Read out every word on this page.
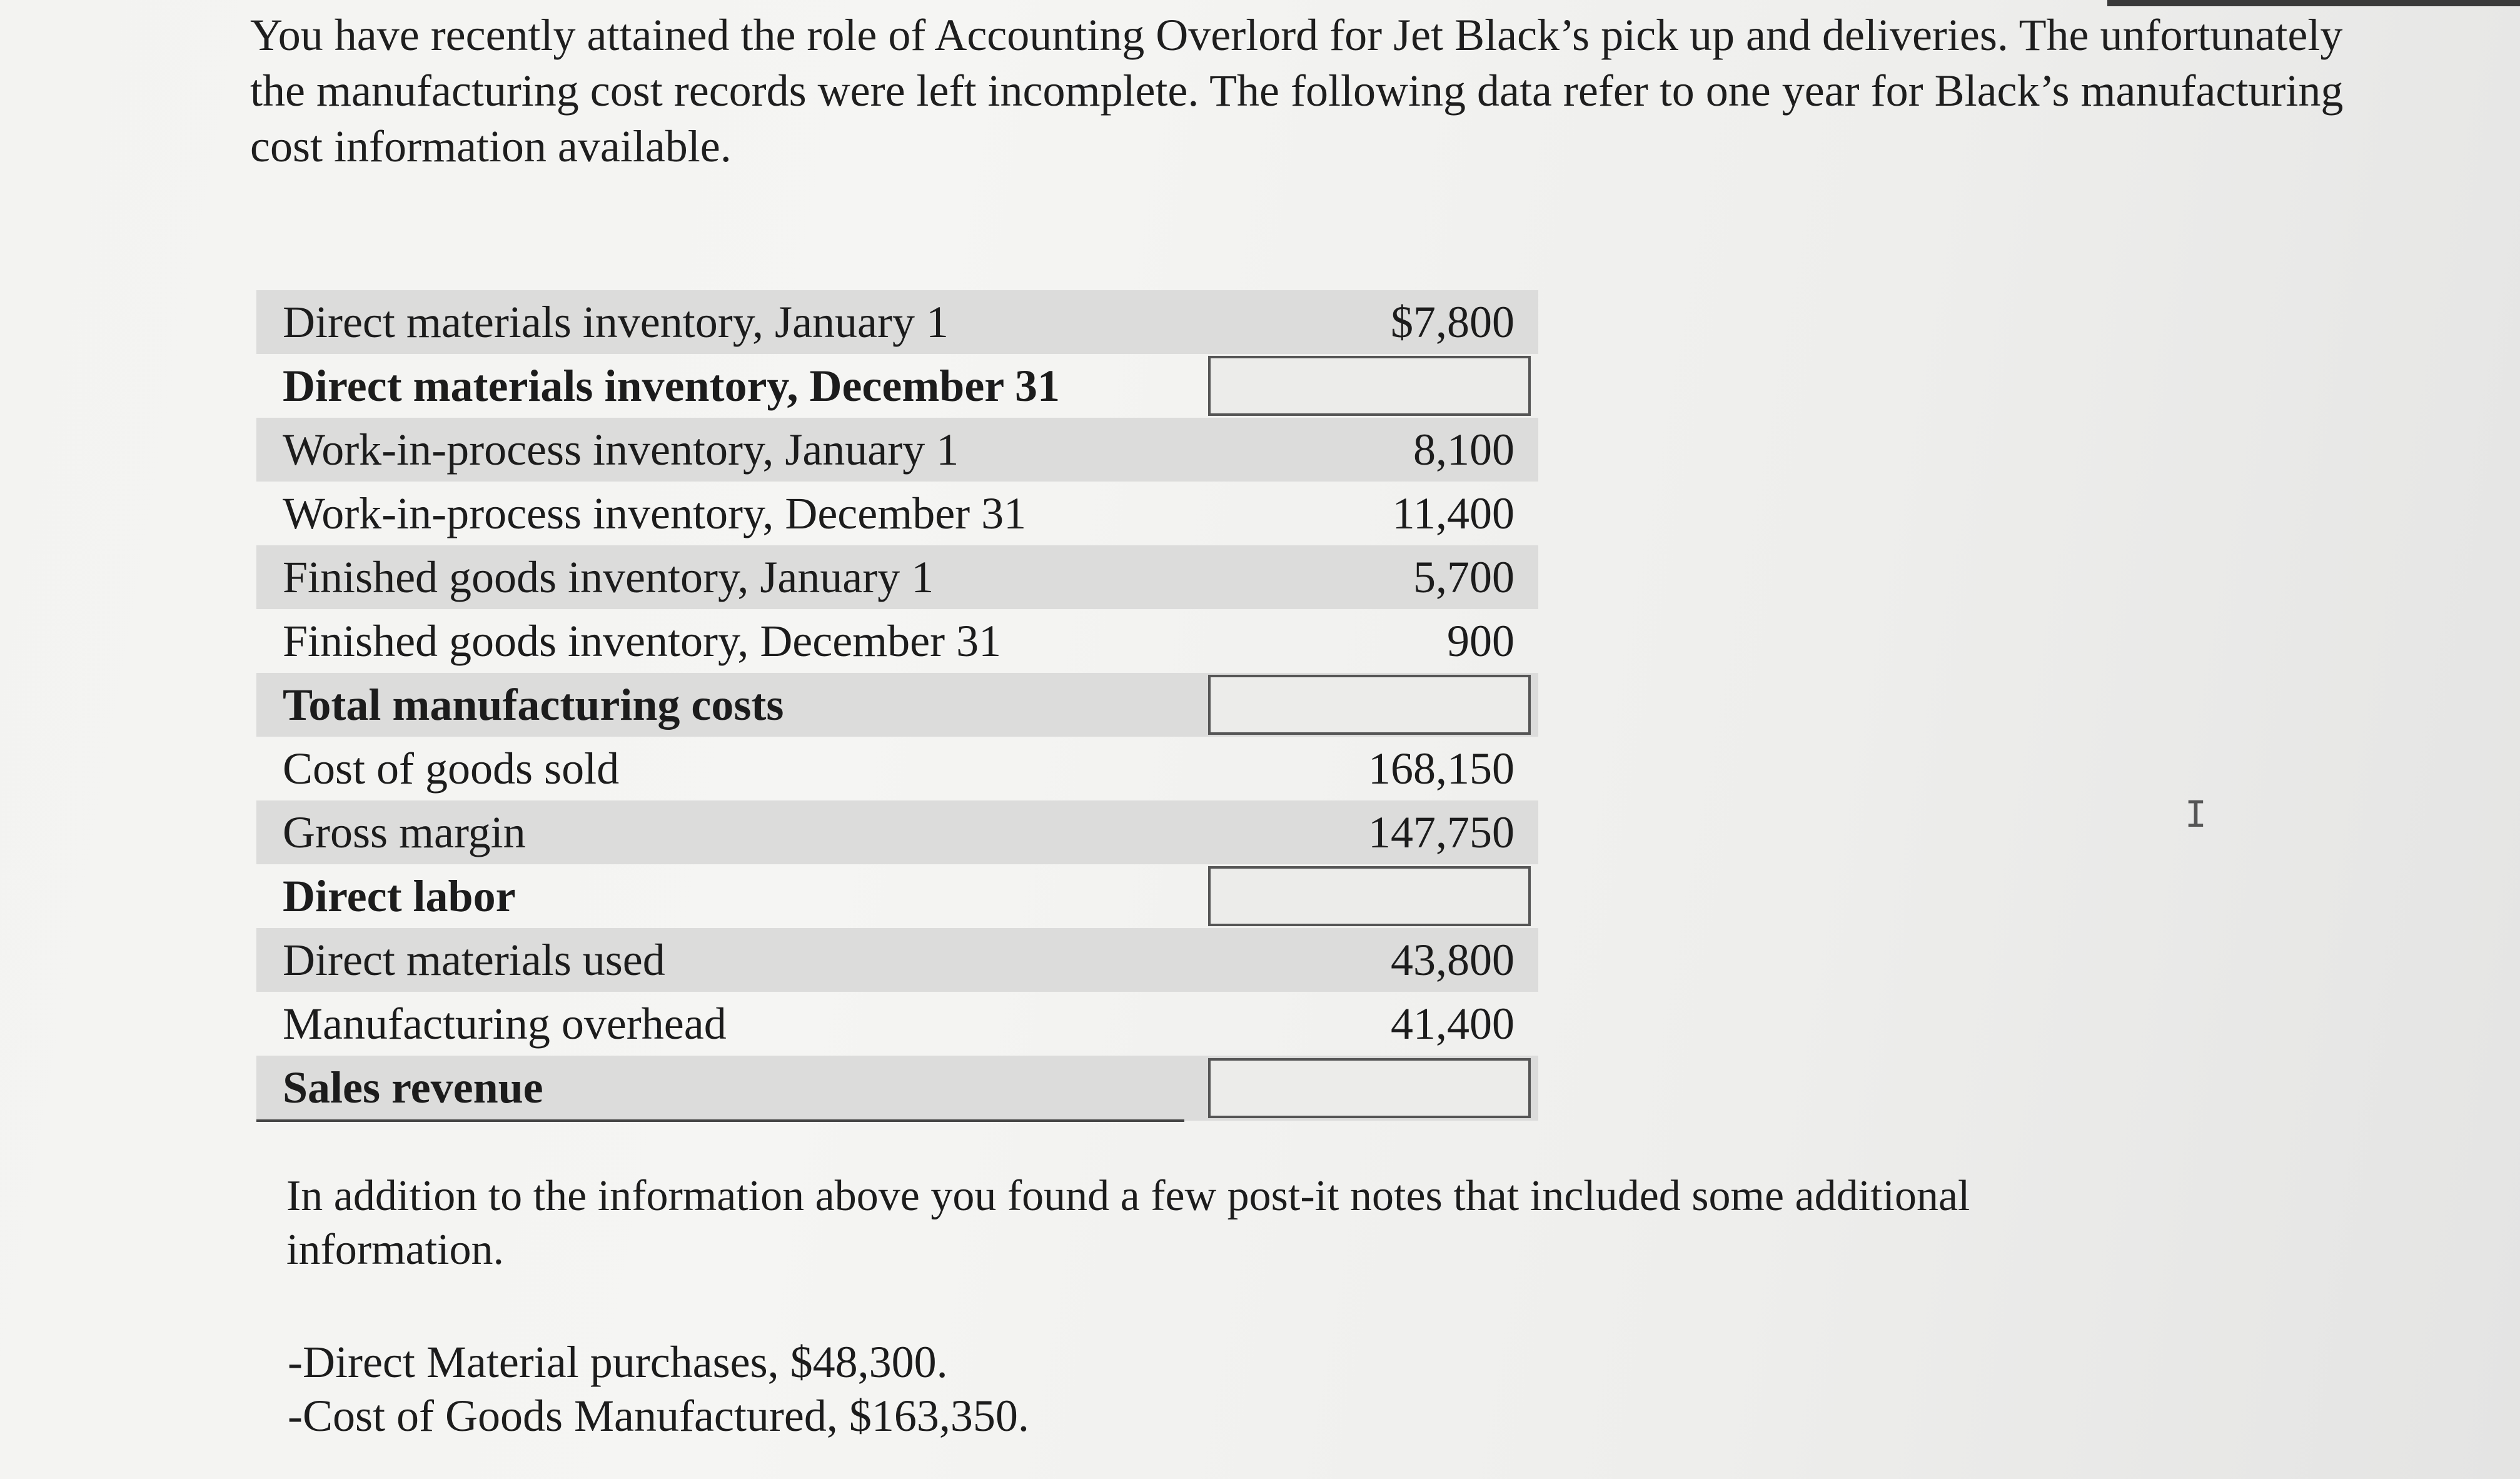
You have recently attained the role of Accounting Overlord for Jet Black’s pick up and deliveries. The unfortunately the manufacturing cost records were left incomplete. The following data refer to one year for Black’s manufacturing cost information available.

Direct materials inventory, January 1	$7,800
Direct materials inventory, December 31	

Work-in-process inventory, January 1	8,100
Work-in-process inventory, December 31	11,400
Finished goods inventory, January 1	5,700
Finished goods inventory, December 31	900
Total manufacturing costs	

Cost of goods sold	168,150
Gross margin	147,750
Direct labor	

Direct materials used	43,800
Manufacturing overhead	41,400
Sales revenue	

In addition to the information above you found a few post-it notes that included some additional information.

-Direct Material purchases, $48,300.
-Cost of Goods Manufactured, $163,350.
I
